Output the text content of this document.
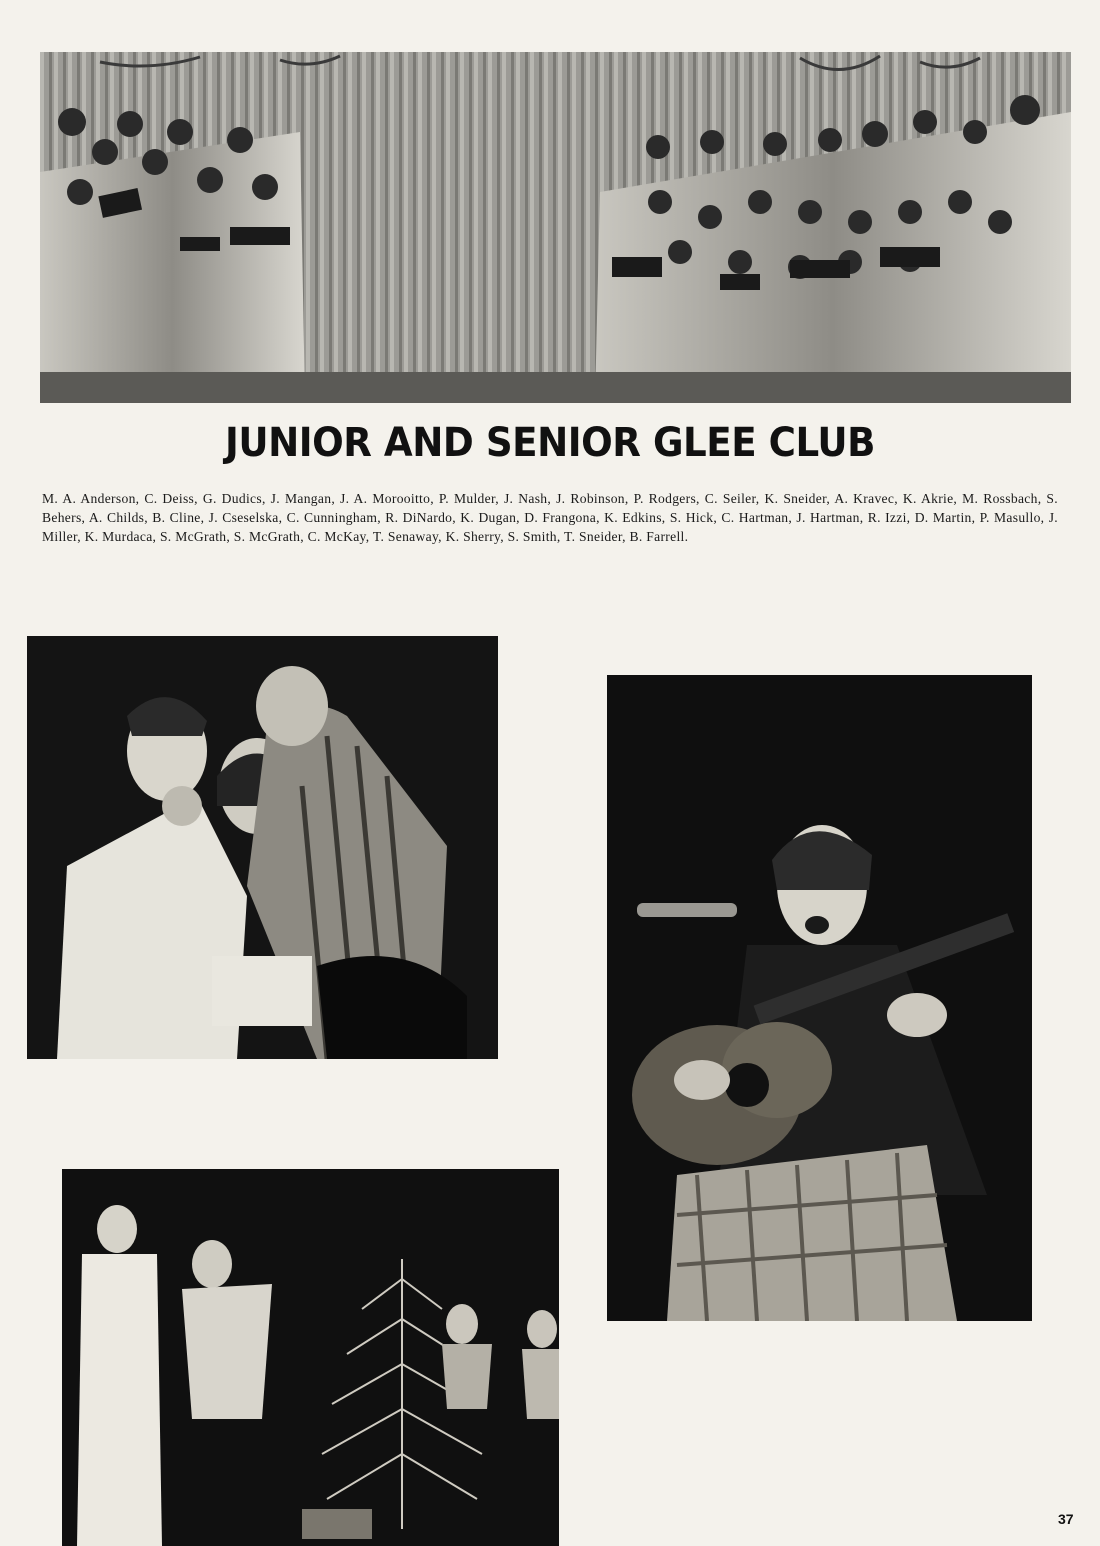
JUNIOR AND SENIOR GLEE CLUB
M. A. Anderson, C. Deiss, G. Dudics, J. Mangan, J. A. Morooitto, P. Mulder, J. Nash, J. Robinson, P. Rodgers, C. Seiler, K. Sneider, A. Kravec, K. Akrie, M. Rossbach, S. Behers, A. Childs, B. Cline, J. Cseselska, C. Cunningham, R. DiNardo, K. Dugan, D. Frangona, K. Edkins, S. Hick, C. Hartman, J. Hartman, R. Izzi, D. Martin, P. Masullo, J. Miller, K. Murdaca, S. McGrath, S. McGrath, C. McKay, T. Senaway, K. Sherry, S. Smith, T. Sneider, B. Farrell.
37
